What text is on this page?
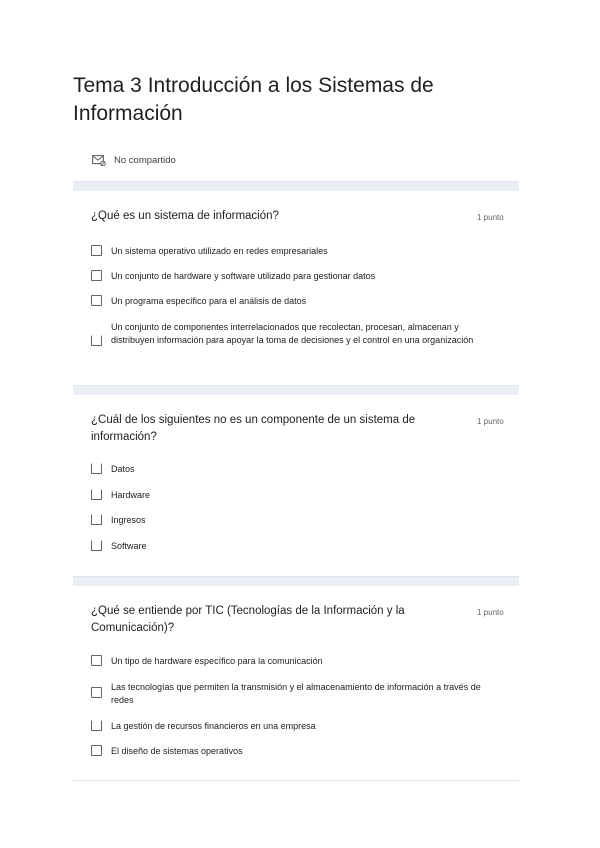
Tema 3 Introducción a los Sistemas de Información
No compartido
¿Qué es un sistema de información?	1 punto
Un sistema operativo utilizado en redes empresariales
Un conjunto de hardware y software utilizado para gestionar datos
Un programa específico para el análisis de datos
Un conjunto de componentes interrelacionados que recolectan, procesan, almacenan y distribuyen información para apoyar la toma de decisiones y el control en una organización
¿Cuál de los siguientes no es un componente de un sistema de información?
1 punto
Datos
Hardware
Ingresos
Software
¿Qué se entiende por TIC (Tecnologías de la Información y la Comunicación)?
1 punto
Un tipo de hardware específico para la comunicación
Las tecnologías que permiten la transmisión y el almacenamiento de información a través de redes
La gestión de recursos financieros en una empresa
El diseño de sistemas operativos
